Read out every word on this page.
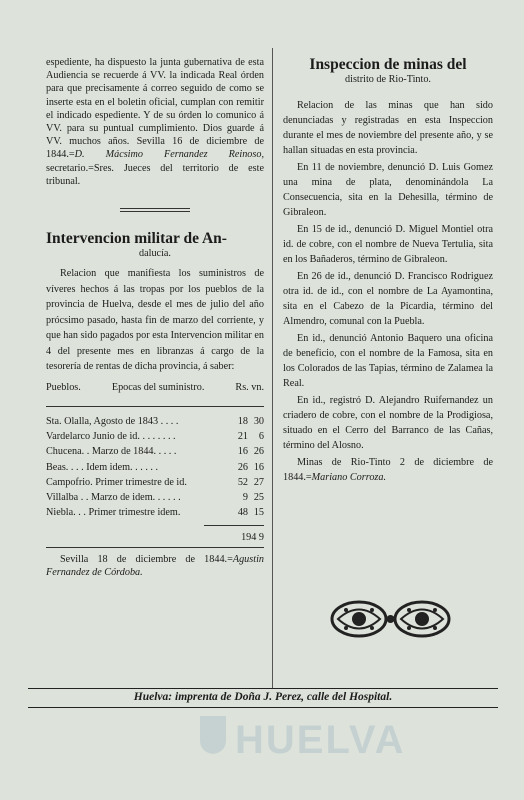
espediente, ha dispuesto la junta gubernativa de esta Audiencia se recuerde á VV. la indicada Real órden para que precisamente á correo seguido de como se inserte esta en el boletin oficial, cumplan con remitir el indicado espediente. Y de su órden lo comunico á VV. para su puntual cumplimiento. Dios guarde á VV. muchos años. Sevilla 16 de diciembre de 1844.=D. Mácsimo Fernandez Reinoso, secretario.=Sres. Jueces del territorio de este tribunal.

Intervencion militar de An-
dalucía.

Relacion que manifiesta los suministros de víveres hechos á las tropas por los pueblos de la provincia de Huelva, desde el mes de julio del año prócsimo pasado, hasta fin de marzo del corriente, y que han sido pagados por esta Intervencion militar en 4 del presente mes en libranzas á cargo de la tesorería de rentas de dicha provincia, á saber:

Pueblos.	Epocas del suministro.	Rs. vn.
Sta. Olalla, Agosto de 1843 . . . .	18 30
Vardelarco Junio de id. . . . . . . .	21	6
Chucena. . Marzo de 1844. . . . .	16 26
Beas. . . . Idem idem. . . . . .	26 16
Campofrio. Primer trimestre de id.	52 27
Villalba . . Marzo de idem. . . . . .	9 25
Niebla. . . Primer trimestre idem.	48 15
194 9

Sevilla 18 de diciembre de 1844.=Agustin Fernandez de Córdoba.

Inspeccion de minas del
distrito de Rio-Tinto.

Relacion de las minas que han sido denunciadas y registradas en esta Inspeccion durante el mes de noviembre del presente año, y se hallan situadas en esta provincia.

En 11 de noviembre, denunció D. Luis Gomez una mina de plata, denominándola La Consecuencia, sita en la Dehesilla, término de Gibraleon.

En 15 de id., denunció D. Miguel Montiel otra id. de cobre, con el nombre de Nueva Tertulia, sita en los Bañaderos, término de Gibraleon.

En 26 de id., denunció D. Francisco Rodriguez otra id. de id., con el nombre de La Ayamontina, sita en el Cabezo de la Picardia, término del Almendro, comunal con la Puebla.

En id., denunció Antonio Baquero una oficina de beneficio, con el nombre de la Famosa, sita en los Colorados de las Tapias, término de Zalamea la Real.

En id., registró D. Alejandro Ruifernandez un criadero de cobre, con el nombre de la Prodigiosa, situado en el Cerro del Barranco de las Cañas, término del Alosno.

Minas de Rio-Tinto 2 de diciembre de 1844.=Mariano Corroza.

Huelva: imprenta de Doña J. Perez, calle del Hospital.
HUELVA
